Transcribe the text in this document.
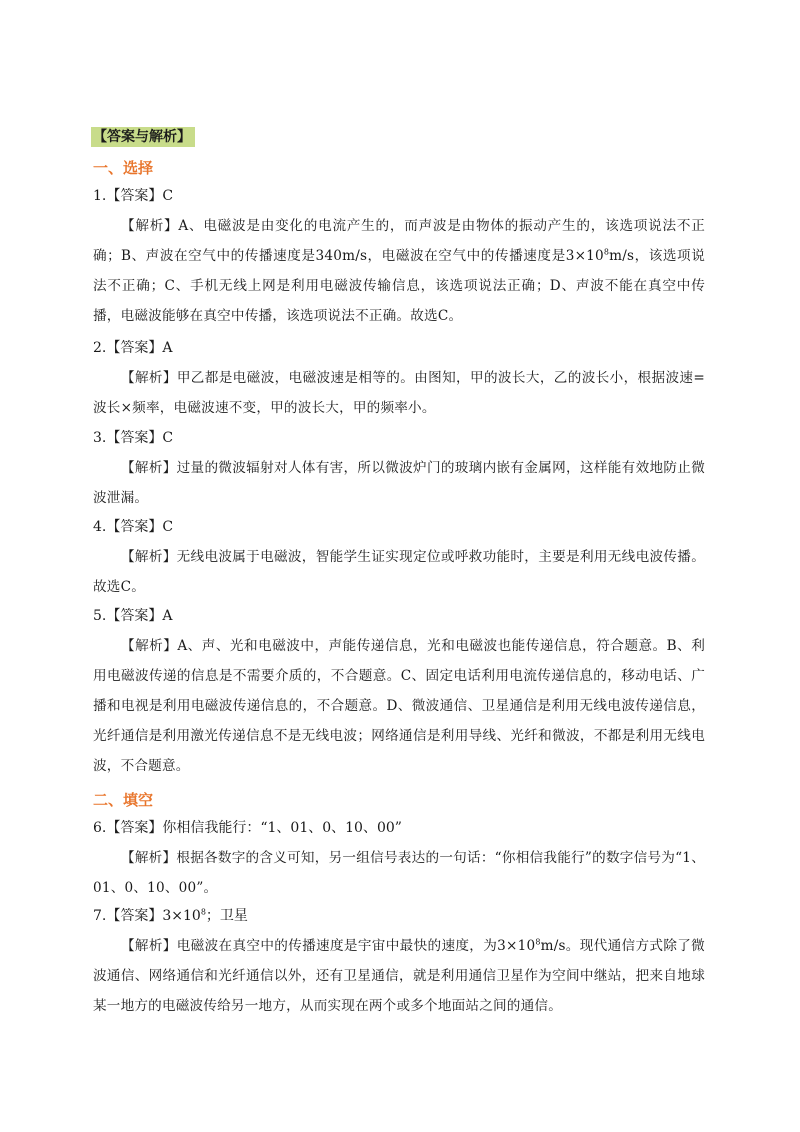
【答案与解析】
一、选择
1.【答案】C
【解析】A、电磁波是由变化的电流产生的，而声波是由物体的振动产生的，该选项说法不正确；B、声波在空气中的传播速度是340m/s，电磁波在空气中的传播速度是$3\times 10^8m/s$，该选项说法不正确；C、手机无线上网是利用电磁波传输信息，该选项说法正确；D、声波不能在真空中传播，电磁波能够在真空中传播，该选项说法不正确。故选C。
2.【答案】A
【解析】甲乙都是电磁波，电磁波速是相等的。由图知，甲的波长大，乙的波长小，根据波速=波长×频率，电磁波速不变，甲的波长大，甲的频率小。
3.【答案】C
【解析】过量的微波辐射对人体有害，所以微波炉门的玻璃内嵌有金属网，这样能有效地防止微波泄漏。
4.【答案】C
【解析】无线电波属于电磁波，智能学生证实现定位或呼救功能时，主要是利用无线电波传播。故选C。
5.【答案】A
【解析】A、声、光和电磁波中，声能传递信息，光和电磁波也能传递信息，符合题意。B、利用电磁波传递的信息是不需要介质的，不合题意。C、固定电话利用电流传递信息的，移动电话、广播和电视是利用电磁波传递信息的，不合题意。D、微波通信、卫星通信是利用无线电波传递信息，光纤通信是利用激光传递信息不是无线电波；网络通信是利用导线、光纤和微波，不都是利用无线电波，不合题意。
二、填空
6.【答案】你相信我能行：“1、01、0、10、00”
【解析】根据各数字的含义可知，另一组信号表达的一句话：“你相信我能行”的数字信号为“1、01、0、10、00”。
7.【答案】$3\times 10^8$；卫星
【解析】电磁波在真空中的传播速度是宇宙中最快的速度，为$3\times 10^8m/s$。现代通信方式除了微波通信、网络通信和光纤通信以外，还有卫星通信，就是利用通信卫星作为空间中继站，把来自地球某一地方的电磁波传给另一地方，从而实现在两个或多个地面站之间的通信。
